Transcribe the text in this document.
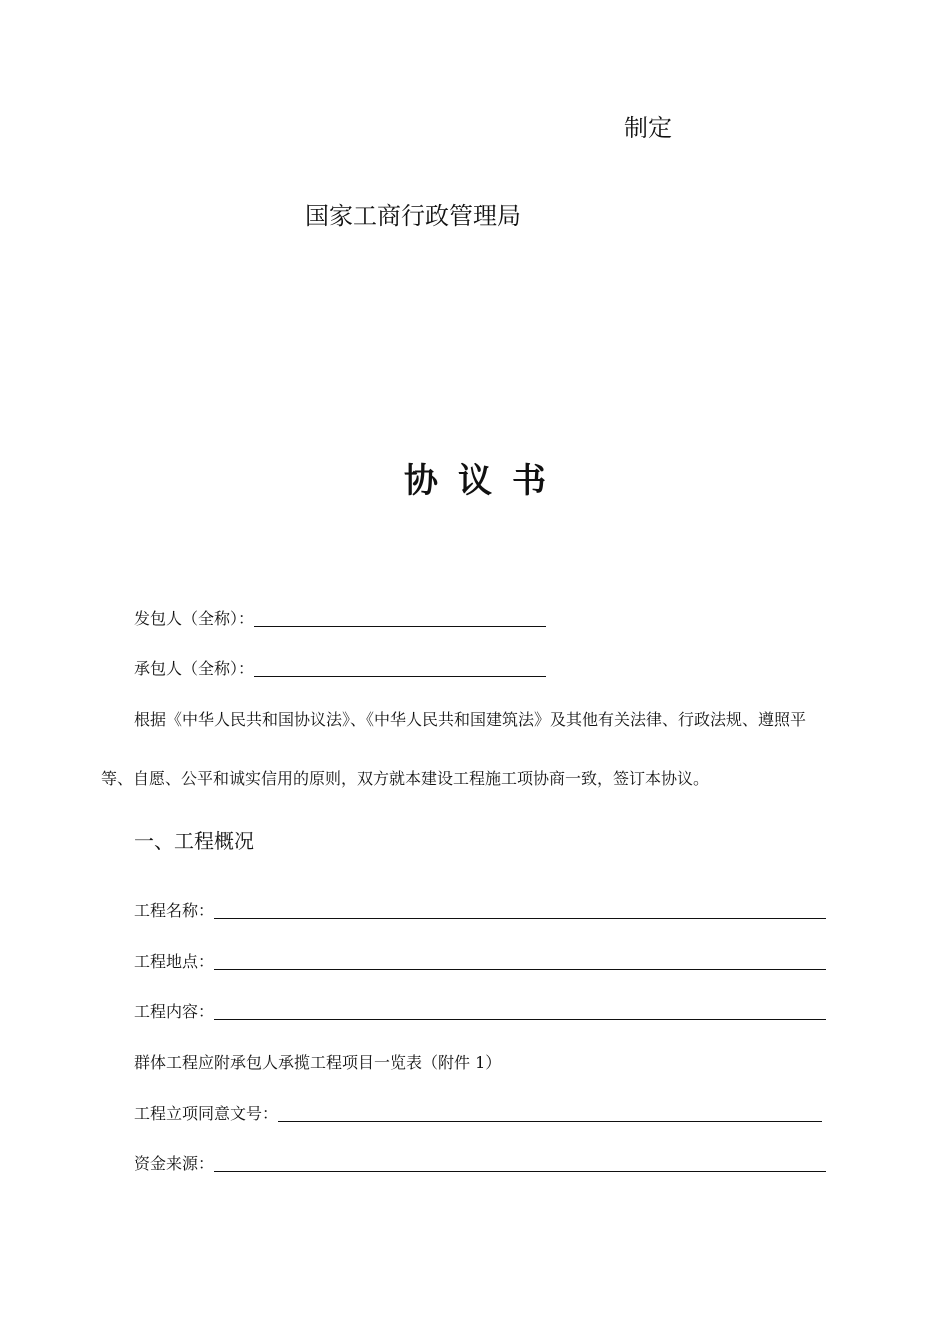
制定
国家工商行政管理局
协议书
发包人（全称）：
承包人（全称）：
根据《中华人民共和国协议法》、《中华人民共和国建筑法》及其他有关法律、行政法规、遵照平
等、自愿、公平和诚实信用的原则，双方就本建设工程施工项协商一致，签订本协议。
一、工程概况
工程名称：
工程地点：
工程内容：
群体工程应附承包人承揽工程项目一览表（附件 1）
工程立项同意文号：
资金来源：
